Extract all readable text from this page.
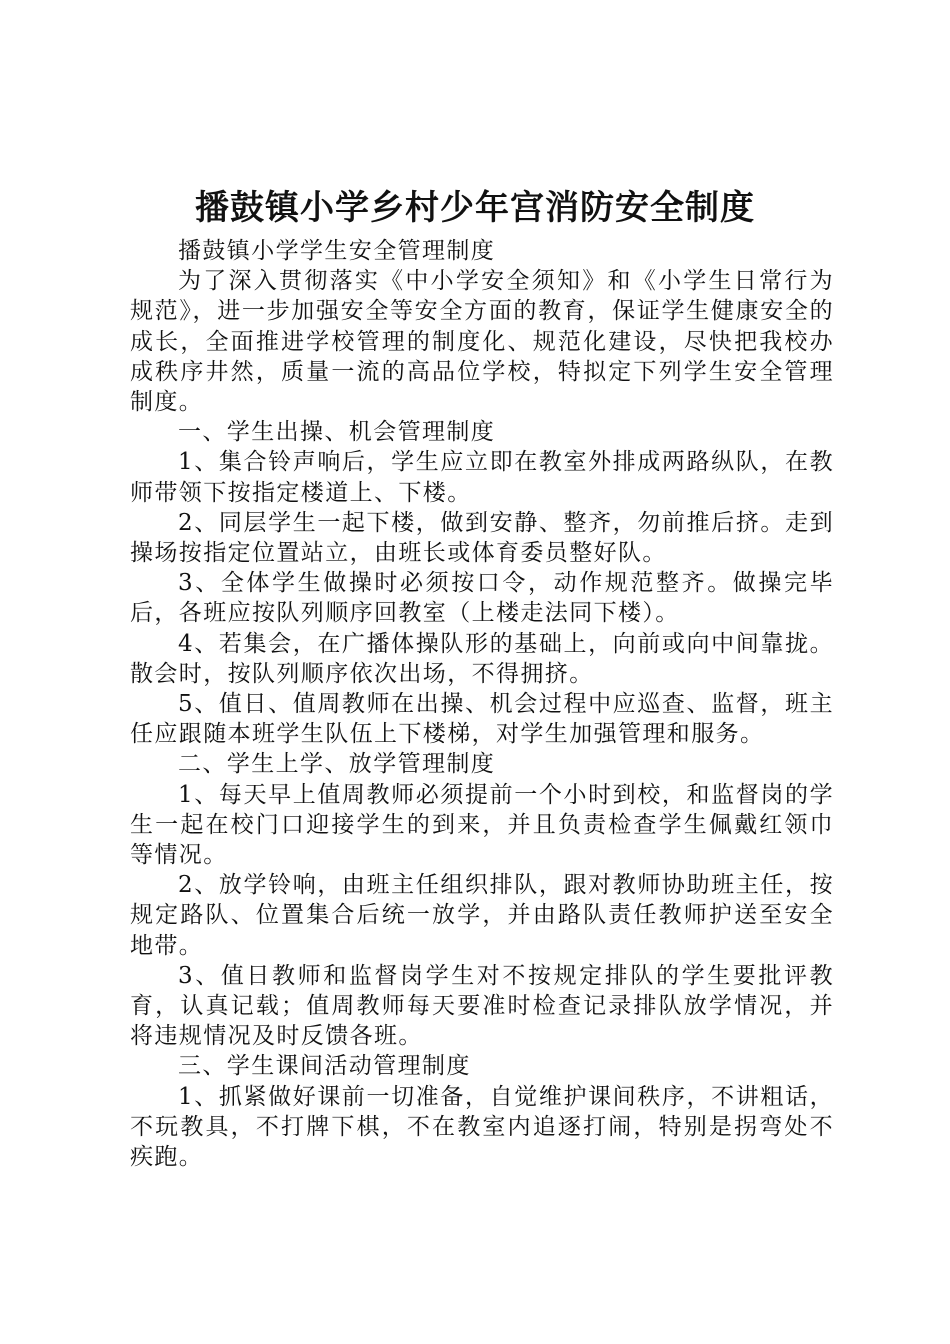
播鼓镇小学乡村少年宫消防安全制度

播鼓镇小学学生安全管理制度

为了深入贯彻落实《中小学安全须知》和《小学生日常行为规范》，进一步加强安全等安全方面的教育，保证学生健康安全的成长，全面推进学校管理的制度化、规范化建设，尽快把我校办成秩序井然，质量一流的高品位学校，特拟定下列学生安全管理制度。

一、学生出操、机会管理制度

1、集合铃声响后，学生应立即在教室外排成两路纵队，在教师带领下按指定楼道上、下楼。

2、同层学生一起下楼，做到安静、整齐，勿前推后挤。走到操场按指定位置站立，由班长或体育委员整好队。

3、全体学生做操时必须按口令，动作规范整齐。做操完毕后，各班应按队列顺序回教室（上楼走法同下楼）。

4、若集会，在广播体操队形的基础上，向前或向中间靠拢。散会时，按队列顺序依次出场，不得拥挤。

5、值日、值周教师在出操、机会过程中应巡查、监督，班主任应跟随本班学生队伍上下楼梯，对学生加强管理和服务。

二、学生上学、放学管理制度

1、每天早上值周教师必须提前一个小时到校，和监督岗的学生一起在校门口迎接学生的到来，并且负责检查学生佩戴红领巾等情况。

2、放学铃响，由班主任组织排队，跟对教师协助班主任，按规定路队、位置集合后统一放学，并由路队责任教师护送至安全地带。

3、值日教师和监督岗学生对不按规定排队的学生要批评教育，认真记载；值周教师每天要准时检查记录排队放学情况，并将违规情况及时反馈各班。

三、学生课间活动管理制度

1、抓紧做好课前一切准备，自觉维护课间秩序，不讲粗话，不玩教具，不打牌下棋，不在教室内追逐打闹，特别是拐弯处不疾跑。
